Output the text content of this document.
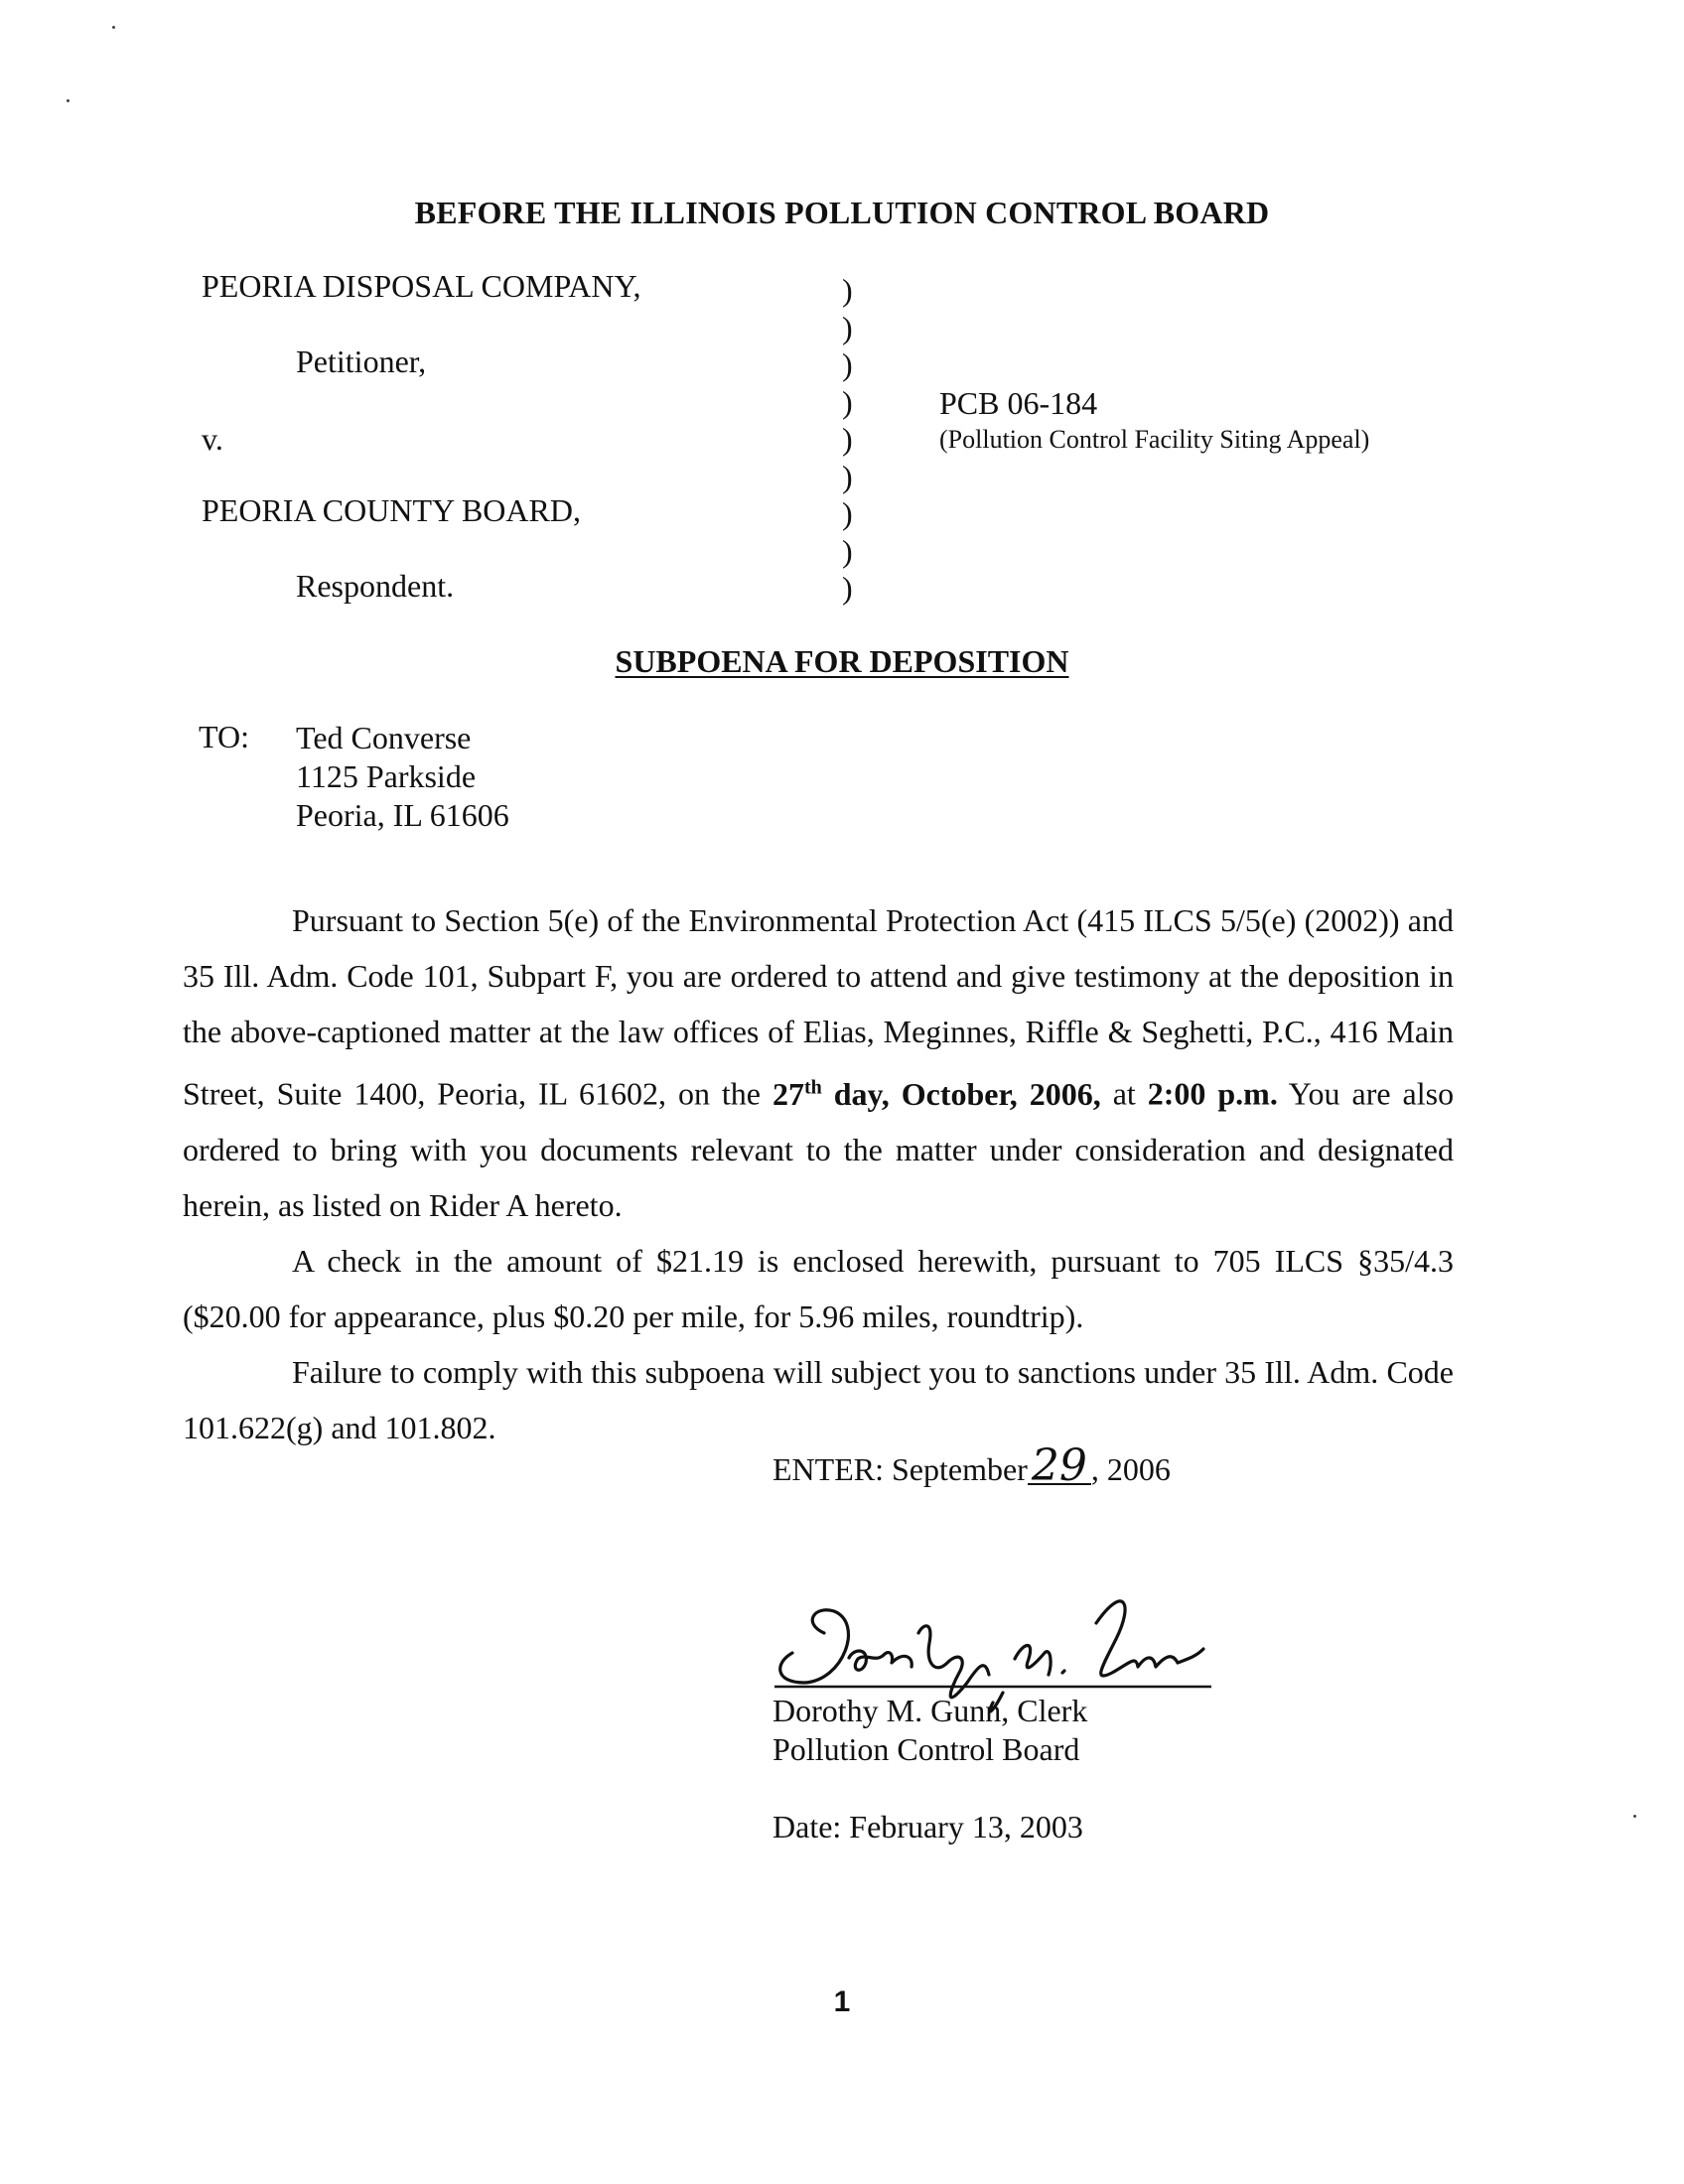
BEFORE THE ILLINOIS POLLUTION CONTROL BOARD
PEORIA DISPOSAL COMPANY,
Petitioner,
v.
PEORIA COUNTY BOARD,
Respondent.
)
)
)
)
)
)
)
)
)
PCB 06-184
(Pollution Control Facility Siting Appeal)
SUBPOENA FOR DEPOSITION
TO: Ted Converse
1125 Parkside
Peoria, IL 61606

Pursuant to Section 5(e) of the Environmental Protection Act (415 ILCS 5/5(e) (2002)) and 35 Ill. Adm. Code 101, Subpart F, you are ordered to attend and give testimony at the deposition in the above-captioned matter at the law offices of Elias, Meginnes, Riffle & Seghetti, P.C., 416 Main Street, Suite 1400, Peoria, IL 61602, on the 27th day, October, 2006, at 2:00 p.m. You are also ordered to bring with you documents relevant to the matter under consideration and designated herein, as listed on Rider A hereto.

A check in the amount of $21.19 is enclosed herewith, pursuant to 705 ILCS §35/4.3 ($20.00 for appearance, plus $0.20 per mile, for 5.96 miles, roundtrip).

Failure to comply with this subpoena will subject you to sanctions under 35 Ill. Adm. Code 101.622(g) and 101.802.

ENTER: September29 , 2006
Dorothy M. Gunn, Clerk
Pollution Control Board
Date: February 13, 2003
1
